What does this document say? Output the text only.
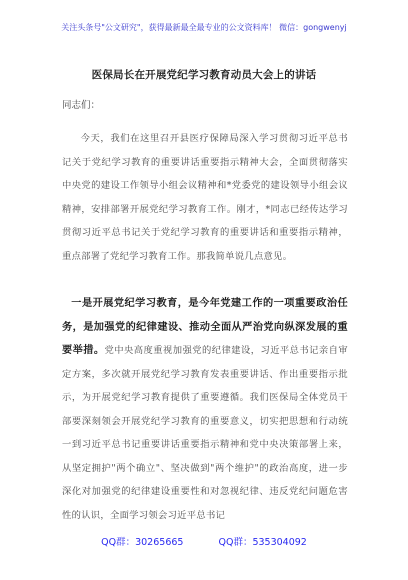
关注头条号"公文研究"，获得最新最全最专业的公文资料库！ 微信：gongwenyj
医保局长在开展党纪学习教育动员大会上的讲话
同志们：
今天，我们在这里召开县医疗保障局深入学习贯彻习近平总书记关于党纪学习教育的重要讲话重要指示精神大会，全面贯彻落实中央党的建设工作领导小组会议精神和*党委党的建设领导小组会议精神，安排部署开展党纪学习教育工作。刚才，*同志已经传达学习贯彻习近平总书记关于党纪学习教育的重要讲话和重要指示精神，重点部署了党纪学习教育工作。那我简单说几点意见。
一是开展党纪学习教育，是今年党建工作的一项重要政治任务，是加强党的纪律建设、推动全面从严治党向纵深发展的重要举措。党中央高度重视加强党的纪律建设，习近平总书记亲自审定方案，多次就开展党纪学习教育发表重要讲话、作出重要指示批示，为开展党纪学习教育提供了重要遵循。我们医保局全体党员干部要深刻领会开展党纪学习教育的重要意义，切实把思想和行动统一到习近平总书记重要讲话重要指示精神和党中央决策部署上来，从坚定拥护"两个确立"、坚决做到"两个维护"的政治高度，进一步深化对加强党的纪律建设重要性和对忽视纪律、违反党纪问题危害性的认识，全面学习领会习近平总书记
QQ群：30265665	QQ群：535304092
